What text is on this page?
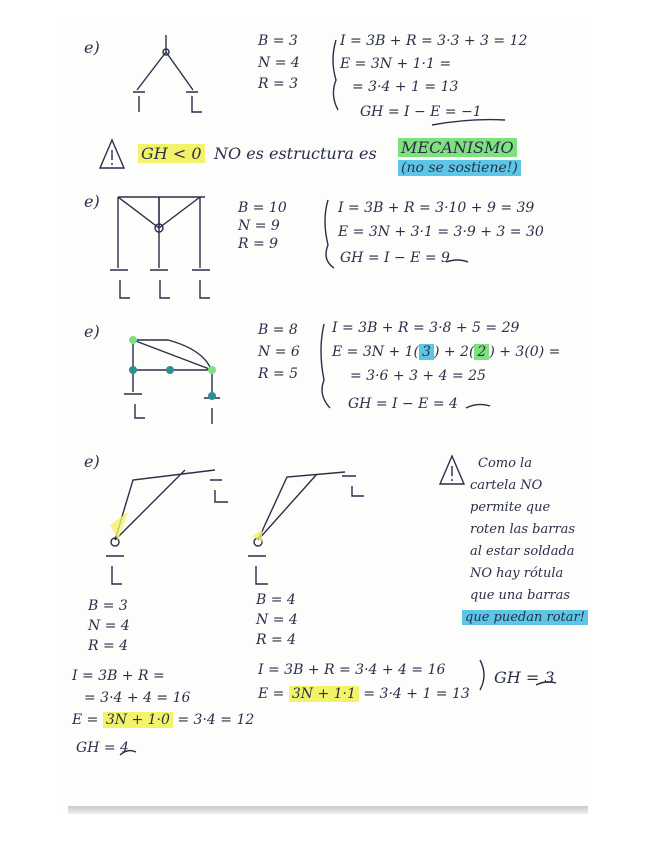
e)	B = 3
N = 4
R = 3
I = 3B + R = 3·3 + 3 = 12
E = 3N + 1·1 =
= 3·4 + 1 = 13
GH = I − E = −1
GH < 0 NO es estructura es MECANISMO
(no se sostiene!)
e)	B = 10
N = 9
R = 9
I = 3B + R = 3·10 + 9 = 39
E = 3N + 3·1 = 3·9 + 3 = 30
GH = I − E = 9
e)	B = 8
N = 6
R = 5
I = 3B + R = 3·8 + 5 = 29
E = 3N + 1( 3 ) + 2( 2 ) + 3(0) =
= 3·6 + 3 + 4 = 25
GH = I − E = 4
e)
B = 3
N = 4
R = 4
B = 4
N = 4
R = 4
Como la
cartela NO
permite que
roten las barras
al estar soldada
NO hay rótula
que una barras
que puedan rotar!
I = 3B + R =
= 3·4 + 4 = 16
E = 3N + 1·0 = 3·4 = 12
GH = 4
I = 3B + R = 3·4 + 4 = 16
E = 3N + 1·1 = 3·4 + 1 = 13
GH = 3
